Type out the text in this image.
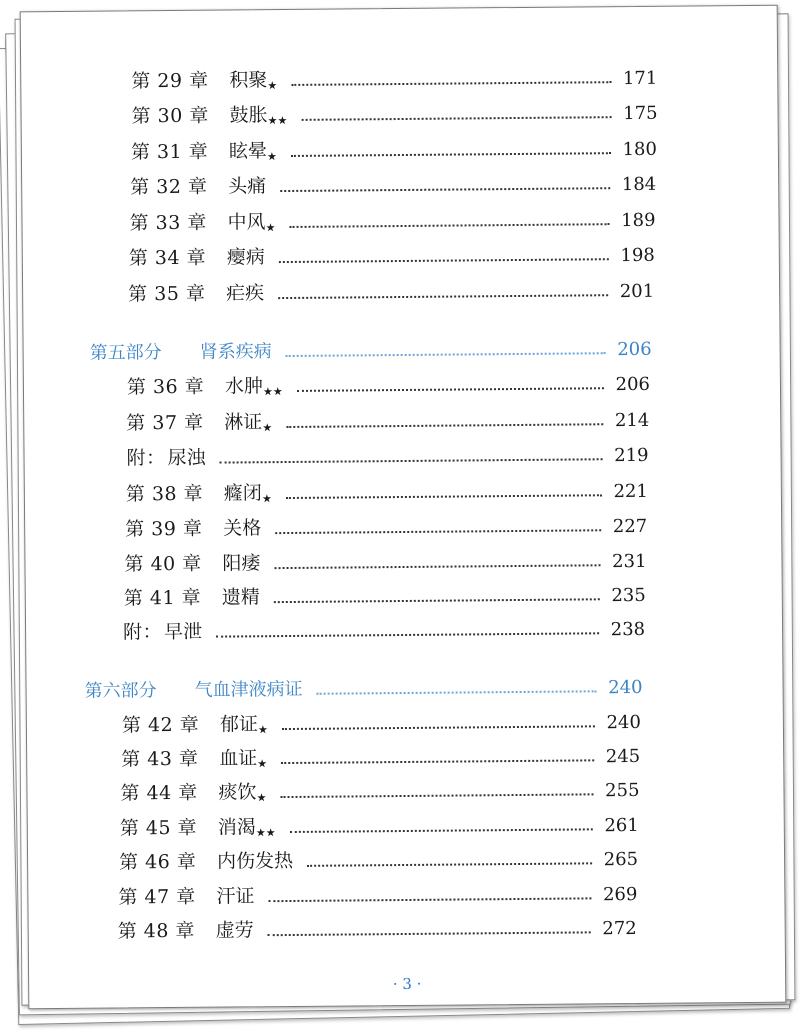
第 29 章	积聚 ★	171
第 30 章	鼓胀 ★★	175
第 31 章	眩晕 ★	180
第 32 章	头痛	184
第 33 章	中风 ★	189
第 34 章	瘿病	198
第 35 章	疟疾	201
第五部分	肾系疾病	206
第 36 章	水肿 ★★	206
第 37 章	淋证 ★	214
附： 尿浊	219
第 38 章	癃闭 ★	221
第 39 章	关格	227
第 40 章	阳痿	231
第 41 章	遗精	235
附： 早泄	238
第六部分	气血津液病证	240
第 42 章	郁证 ★	240
第 43 章	血证 ★	245
第 44 章	痰饮 ★	255
第 45 章	消渴 ★★	261
第 46 章	内伤发热	265
第 47 章	汗证	269
第 48 章	虚劳	272
· 3 ·
